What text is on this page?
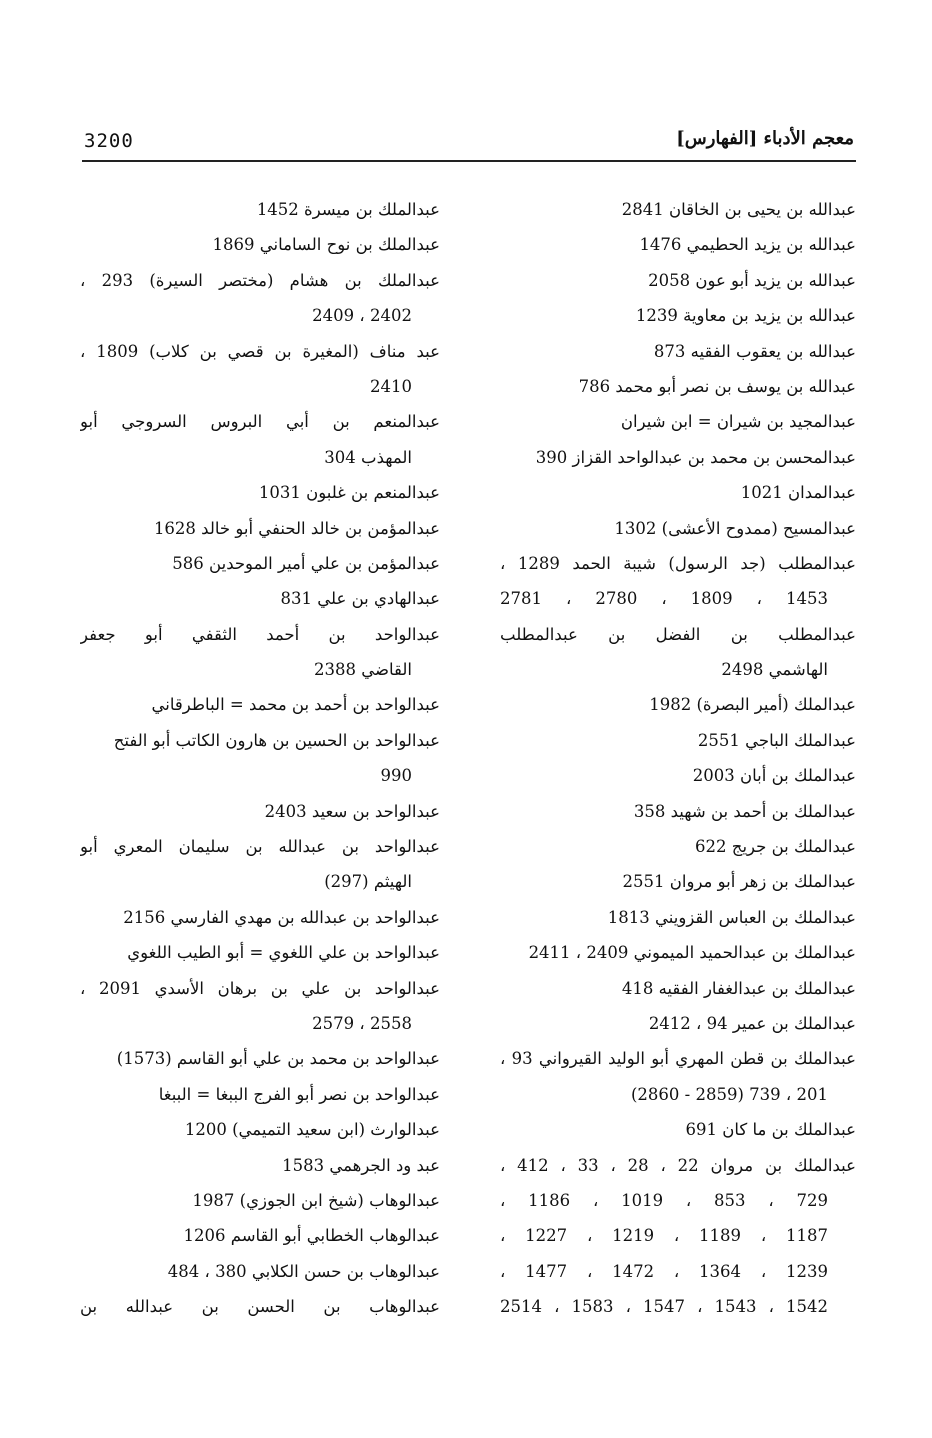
معجم الأدباء [الفهارس]
3200
عبدالله بن يحيى بن الخاقان 2841
عبدالله بن يزيد الحطيمي 1476
عبدالله بن يزيد أبو عون 2058
عبدالله بن يزيد بن معاوية 1239
عبدالله بن يعقوب الفقيه 873
عبدالله بن يوسف بن نصر أبو محمد 786
عبدالمجيد بن شيران = ابن شيران
عبدالمحسن بن محمد بن عبدالواحد القزاز 390
عبدالمدان 1021
عبدالمسيح (ممدوح الأعشى) 1302
عبدالمطلب (جد الرسول) شيبة الحمد 1289 ،
1453 ، 1809 ، 2780 ، 2781
عبدالمطلب بن الفضل بن عبدالمطلب
الهاشمي 2498
عبدالملك (أمير البصرة) 1982
عبدالملك الباجي 2551
عبدالملك بن أبان 2003
عبدالملك بن أحمد بن شهيد 358
عبدالملك بن جريج 622
عبدالملك بن زهر أبو مروان 2551
عبدالملك بن العباس القزويني 1813
عبدالملك بن عبدالحميد الميموني 2409 ، 2411
عبدالملك بن عبدالغفار الفقيه 418
عبدالملك بن عمير 94 ، 2412
عبدالملك بن قطن المهري أبو الوليد القيرواني 93 ،
201 ، 739 (2859 - 2860)
عبدالملك بن ما كان 691
عبدالملك بن مروان 22 ، 28 ، 33 ، 412 ،
729 ، 853 ، 1019 ، 1186 ،
1187 ، 1189 ، 1219 ، 1227 ،
1239 ، 1364 ، 1472 ، 1477 ،
1542 ، 1543 ، 1547 ، 1583 ، 2514
عبدالملك بن ميسرة 1452
عبدالملك بن نوح الساماني 1869
عبدالملك بن هشام (مختصر السيرة) 293 ،
2402 ، 2409
عبد مناف (المغيرة بن قصي بن كلاب) 1809 ،
2410
عبدالمنعم بن أبي البروس السروجي أبو
المهذب 304
عبدالمنعم بن غلبون 1031
عبدالمؤمن بن خالد الحنفي أبو خالد 1628
عبدالمؤمن بن علي أمير الموحدين 586
عبدالهادي بن علي 831
عبدالواحد بن أحمد الثقفي أبو جعفر
القاضي 2388
عبدالواحد بن أحمد بن محمد = الباطرقاني
عبدالواحد بن الحسين بن هارون الكاتب أبو الفتح
990
عبدالواحد بن سعيد 2403
عبدالواحد بن عبدالله بن سليمان المعري أبو
الهيثم (297)
عبدالواحد بن عبدالله بن مهدي الفارسي 2156
عبدالواحد بن علي اللغوي = أبو الطيب اللغوي
عبدالواحد بن علي بن برهان الأسدي 2091 ،
2558 ، 2579
عبدالواحد بن محمد بن علي أبو القاسم (1573)
عبدالواحد بن نصر أبو الفرج الببغا = الببغا
عبدالوارث (ابن سعيد التميمي) 1200
عبد ود الجرهمي 1583
عبدالوهاب (شيخ ابن الجوزي) 1987
عبدالوهاب الخطابي أبو القاسم 1206
عبدالوهاب بن حسن الكلابي 380 ، 484
عبدالوهاب بن الحسن بن عبدالله بن
